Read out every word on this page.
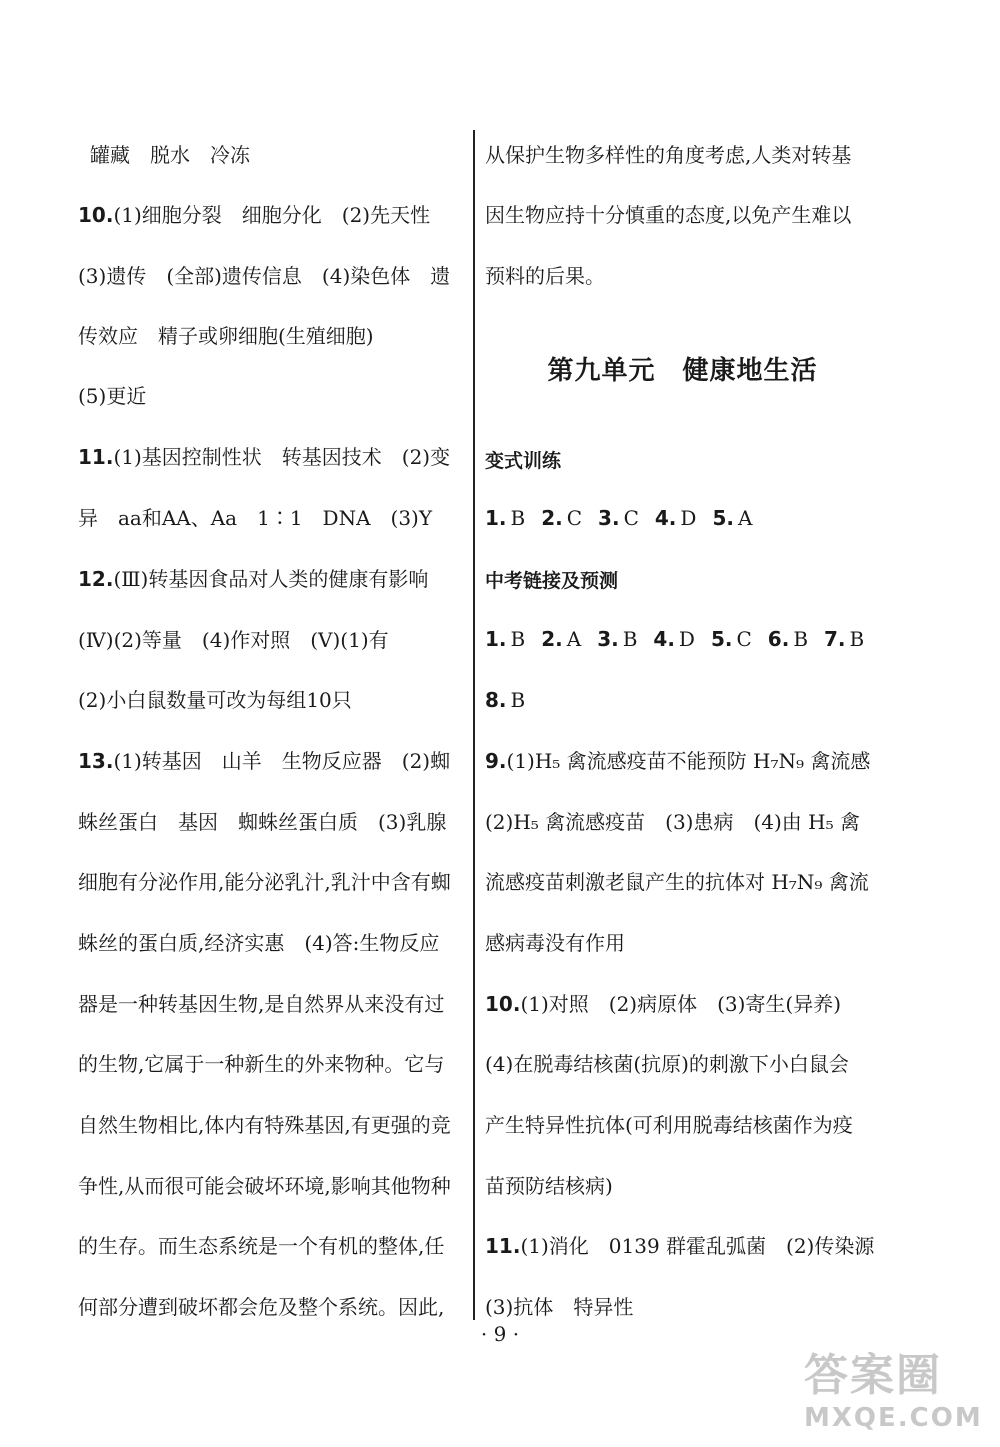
罐藏　脱水　冷冻
10.(1)细胞分裂　细胞分化　(2)先天性
(3)遗传　(全部)遗传信息　(4)染色体　遗
传效应　精子或卵细胞(生殖细胞)
(5)更近
11.(1)基因控制性状　转基因技术　(2)变
异　aa和AA、Aa　1∶1　DNA　(3)Y
12.(Ⅲ)转基因食品对人类的健康有影响
(Ⅳ)(2)等量　(4)作对照　(Ⅴ)(1)有
(2)小白鼠数量可改为每组10只
13.(1)转基因　山羊　生物反应器　(2)蜘
蛛丝蛋白　基因　蜘蛛丝蛋白质　(3)乳腺
细胞有分泌作用,能分泌乳汁,乳汁中含有蜘
蛛丝的蛋白质,经济实惠　(4)答:生物反应
器是一种转基因生物,是自然界从来没有过
的生物,它属于一种新生的外来物种。它与
自然生物相比,体内有特殊基因,有更强的竞
争性,从而很可能会破坏环境,影响其他物种
的生存。而生态系统是一个有机的整体,任
何部分遭到破坏都会危及整个系统。因此,
第九单元　健康地生活
变式训练
1. B 2. C 3. C 4. D 5. A
中考链接及预测
1. B 2. A 3. B 4. D 5. C 6. B 7. B
8. B
从保护生物多样性的角度考虑,人类对转基
因生物应持十分慎重的态度,以免产生难以
预料的后果。
9.(1)H₅ 禽流感疫苗不能预防 H₇N₉ 禽流感
(2)H₅ 禽流感疫苗　(3)患病　(4)由 H₅ 禽
流感疫苗刺激老鼠产生的抗体对 H₇N₉ 禽流
感病毒没有作用
10.(1)对照　(2)病原体　(3)寄生(异养)
(4)在脱毒结核菌(抗原)的刺激下小白鼠会
产生特异性抗体(可利用脱毒结核菌作为疫
苗预防结核病)
11.(1)消化　0139 群霍乱弧菌　(2)传染源
(3)抗体　特异性
· 9 ·
答案圈
MXQE.COM
